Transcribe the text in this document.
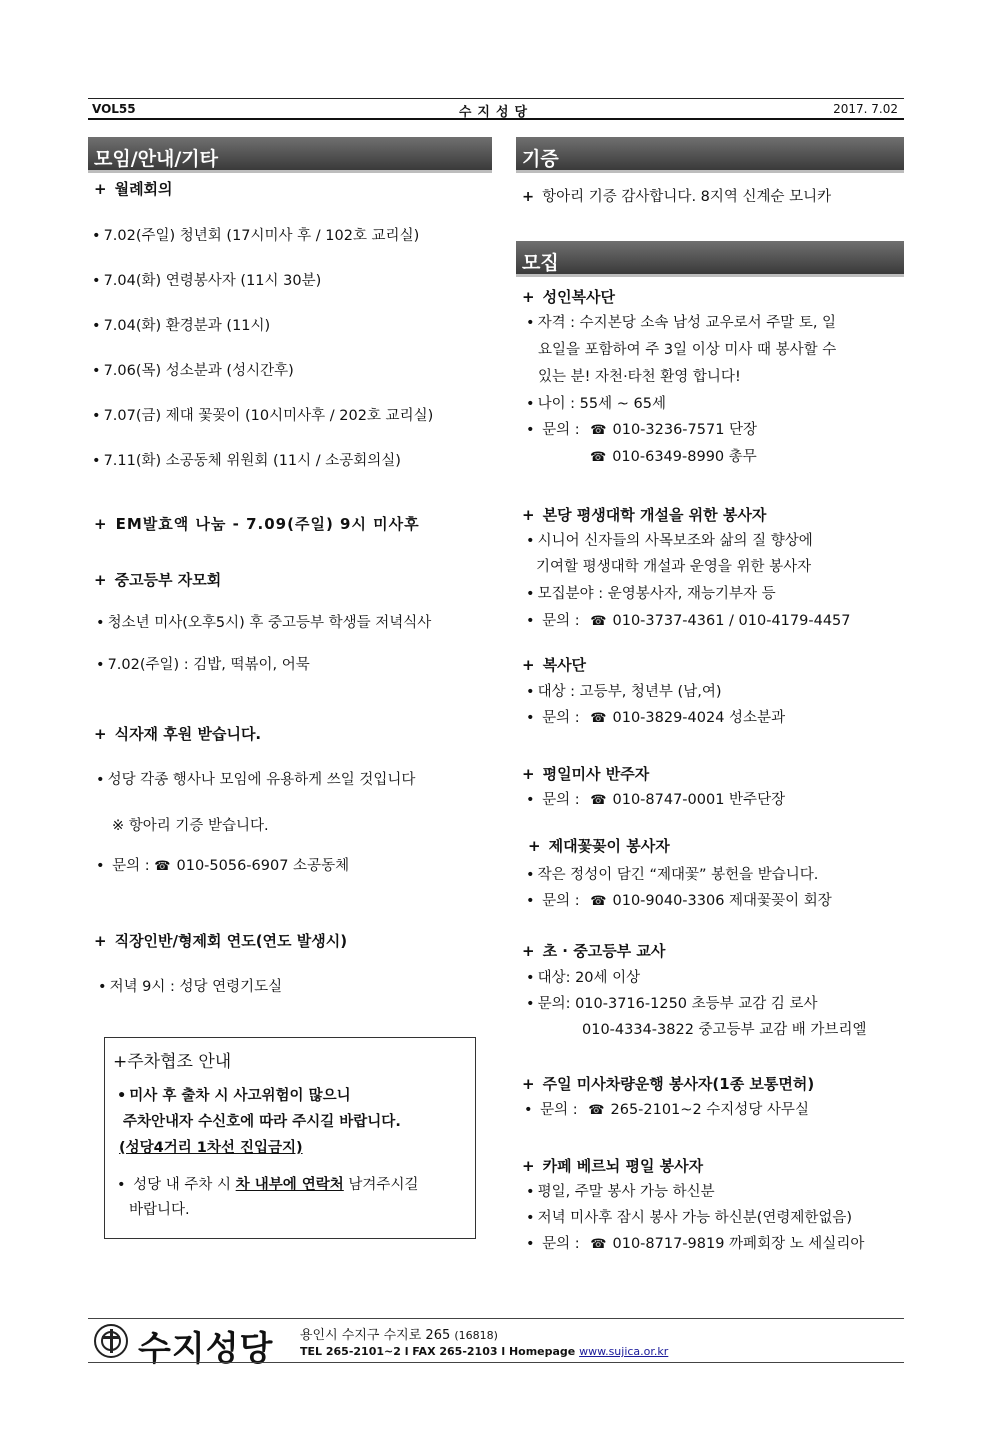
VOL55	수지성당	2017. 7.02
모임/안내/기타
+ 월례회의
• 7.02(주일) 청년회 (17시미사 후 / 102호 교리실)
• 7.04(화) 연령봉사자 (11시 30분)
• 7.04(화) 환경분과 (11시)
• 7.06(목) 성소분과 (성시간후)
• 7.07(금) 제대 꽃꽂이 (10시미사후 / 202호 교리실)
• 7.11(화) 소공동체 위원회 (11시 / 소공회의실)
+ EM발효액 나눔 - 7.09(주일) 9시 미사후
+ 중고등부 자모회
• 청소년 미사(오후5시) 후 중고등부 학생들 저녁식사
• 7.02(주일) : 김밥, 떡볶이, 어묵
+ 식자재 후원 받습니다.
• 성당 각종 행사나 모임에 유용하게 쓰일 것입니다
※ 항아리 기증 받습니다.
• 문의 : ☎ 010-5056-6907 소공동체
+ 직장인반/형제회 연도(연도 발생시)
• 저녁 9시 : 성당 연령기도실
+주차협조 안내
• 미사 후 출차 시 사고위험이 많으니
주차안내자 수신호에 따라 주시길 바랍니다.
(성당4거리 1차선 진입금지)
• 성당 내 주차 시 차 내부에 연락처 남겨주시길
바랍니다.
기증
+ 항아리 기증 감사합니다. 8지역 신계순 모니카
모집
+ 성인복사단
• 자격 : 수지본당 소속 남성 교우로서 주말 토, 일
요일을 포함하여 주 3일 이상 미사 때 봉사할 수
있는 분! 자천·타천 환영 합니다!
• 나이 : 55세 ~ 65세
• 문의 : ☎ 010-3236-7571 단장
☎ 010-6349-8990 총무
+ 본당 평생대학 개설을 위한 봉사자
• 시니어 신자들의 사목보조와 삶의 질 향상에
기여할 평생대학 개설과 운영을 위한 봉사자
• 모집분야 : 운영봉사자, 재능기부자 등
• 문의 : ☎ 010-3737-4361 / 010-4179-4457
+ 복사단
• 대상 : 고등부, 청년부 (남,여)
• 문의 : ☎ 010-3829-4024 성소분과
+ 평일미사 반주자
• 문의 : ☎ 010-8747-0001 반주단장
+ 제대꽃꽂이 봉사자
• 작은 정성이 담긴 “제대꽃” 봉헌을 받습니다.
• 문의 : ☎ 010-9040-3306 제대꽃꽂이 회장
+ 초 · 중고등부 교사
• 대상: 20세 이상
• 문의: 010-3716-1250 초등부 교감 김 로사
010-4334-3822 중고등부 교감 배 가브리엘
+ 주일 미사차량운행 봉사자(1종 보통면허)
• 문의 : ☎ 265-2101~2 수지성당 사무실
+ 카페 베르뇌 평일 봉사자
• 평일, 주말 봉사 가능 하신분
• 저녁 미사후 잠시 봉사 가능 하신분(연령제한없음)
• 문의 : ☎ 010-8717-9819 까페회장 노 세실리아
수지성당 용인시 수지구 수지로 265 (16818)
TEL 265-2101~2 l FAX 265-2103 l Homepage www.sujica.or.kr
